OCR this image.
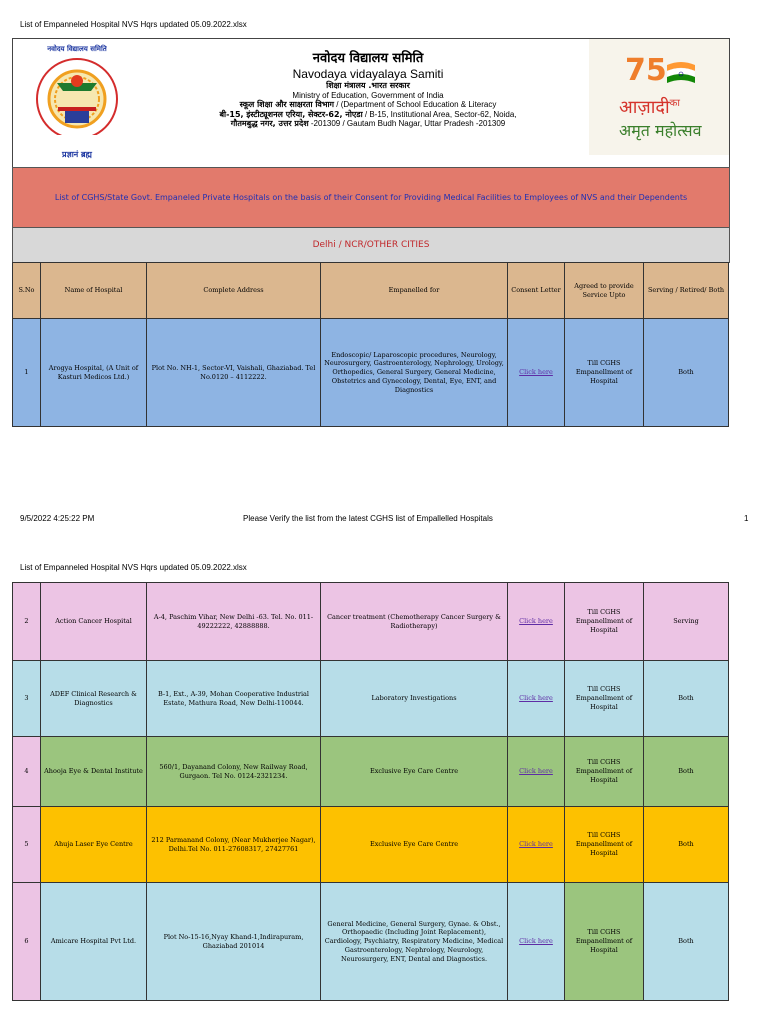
List of Empanneled Hospital NVS Hqrs updated 05.09.2022.xlsx
नवोदय विद्यालय समिति
प्रज्ञानं ब्रह्म
नवोदय विद्यालय समिति
Navodaya vidayalaya Samiti
शिक्षा मंत्रालय .भारत सरकार
Ministry of Education, Government of India
स्कूल शिक्षा और साक्षरता विभाग / (Department of School Education & Literacy
बी-15, इंस्टीट्यूशनल एरिया, सेक्टर-62, नोएडा / B-15, Institutional Area, Sector-62, Noida,
गौतमबुद्ध नगर, उत्तर प्रदेश -201309 / Gautam Budh Nagar, Uttar Pradesh -201309
75
आज़ादी$^{का}$
अमृत महोत्सव
List of CGHS/State Govt. Empaneled Private Hospitals on the basis of their Consent for Providing Medical Facilities to Employees of NVS and their Dependents
Delhi / NCR/OTHER CITIES
S.No	Name of Hospital	Complete Address	Empanelled for	Consent Letter	Agreed to provide Service Upto	Serving / Retired/ Both
1	Arogya Hospital, (A Unit of Kasturi Medicos Ltd.)	Plot No. NH-1, Sector-VI, Vaishali, Ghaziabad. Tel No.0120 – 4112222.	Endoscopic/ Laparoscopic procedures, Neurology, Neurosurgery, Gastroenterology, Nephrology, Urology, Orthopedics, General Surgery, General Medicine, Obstetrics and Gynecology, Dental, Eye, ENT, and Diagnostics	Click here	Till CGHS Empanellment of Hospital	Both
9/5/2022 4:25:22 PM	Please Verify the list from the latest CGHS list of Empallelled Hospitals	1
List of Empanneled Hospital NVS Hqrs updated 05.09.2022.xlsx
2	Action Cancer Hospital	A-4, Paschim Vihar, New Delhi -63. Tel. No. 011-49222222, 42888888.	Cancer treatment (Chemotherapy Cancer Surgery & Radiotherapy)	Click here	Till CGHS Empanellment of Hospital	Serving
3	ADEF Clinical Research & Diagnostics	B-1, Ext., A-39, Mohan Cooperative Industrial Estate, Mathura Road, New Delhi-110044.	Laboratory Investigations	Click here	Till CGHS Empanellment of Hospital	Both
4	Ahooja Eye & Dental Institute	560/1, Dayanand Colony, New Railway Road, Gurgaon. Tel No. 0124-2321234.	Exclusive Eye Care Centre	Click here	Till CGHS Empanellment of Hospital	Both
5	Ahuja Laser Eye Centre	212 Parmanand Colony, (Near Mukherjee Nagar), Delhi.Tel No. 011-27608317, 27427761	Exclusive Eye Care Centre	Click here	Till CGHS Empanellment of Hospital	Both
6	Amicare Hospital Pvt Ltd.	Plot No-15-16,Nyay Khand-1,Indirapuram, Ghaziabad 201014	General Medicine, General Surgery, Gynae. & Obst., Orthopaedic (Including Joint Replacement), Cardiology, Psychiatry, Respiratory Medicine, Medical Gastroenterology, Nephrology, Neurology, Neurosurgery, ENT, Dental and Diagnostics.	Click here	Till CGHS Empanellment of Hospital	Both
